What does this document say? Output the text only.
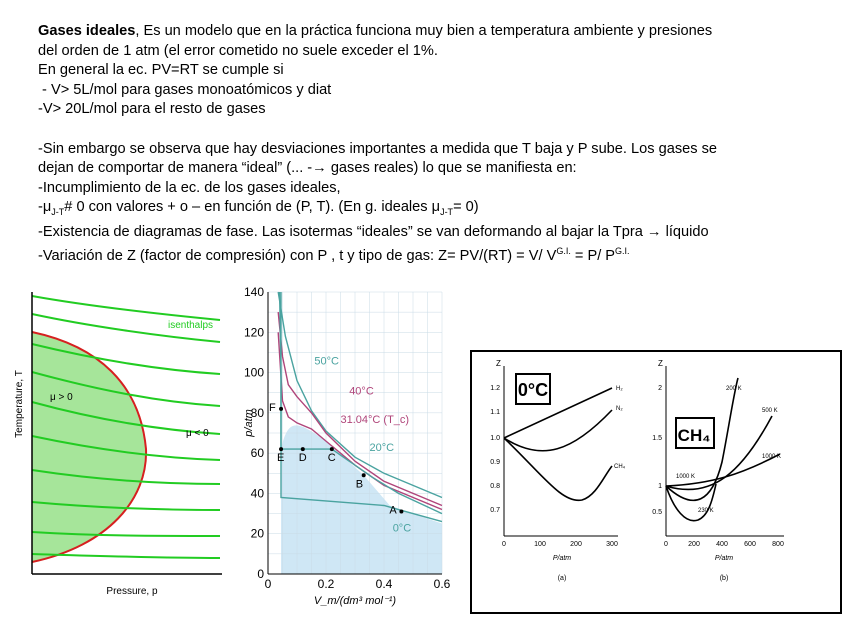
Gases ideales, Es un modelo que en la práctica funciona muy bien a temperatura ambiente y presiones
del orden de 1 atm (el error cometido no suele exceder el 1%.
En general la ec. PV=RT se cumple si
- V> 5L/mol para gases monoatómicos y diat
-V> 20L/mol para el resto de gases
-Sin embargo se observa que hay desviaciones importantes a medida que T baja y P sube. Los gases se
dejan de comportar de manera “ideal” (... -→ gases reales) lo que se manifiesta en:
-Incumplimiento de la ec. de los gases ideales,
$-\mu_{J-T}\#$ 0 con valores + o – en función de (P, T). (En g. ideales $\mu_{J-T}= 0$)
-Existencia de diagramas de fase. Las isotermas “ideales” se van deformando al bajar la Tpra → líquido
-Variación de Z (factor de compresión) con P , t y tipo de gas: Z= PV/(RT) = V/ $V^{G.I.} = P/$ $P^{G.I.}$
isenthalps
μ > 0
μ < 0
Temperature, T
Pressure, p
0
20
40
60
80
100
120
140
0	0.2	0.4	0.6
p/atm
V_m/(dm³ mol⁻¹)
50°C
40°C
31.04°C (T_c)
20°C
0°C
F
E D C
B
A
Z
1.2
1.1
1.0
0.9
0.8
0.7
0	100	200	300
P/atm
(a)
0°C	H₂
N₂
CH₄
Z
2
1.5
1
0.5
0	200 400 600 800
P/atm
(b)
CH₄
200 K
500 K
1000 K
1000 K
230 K
